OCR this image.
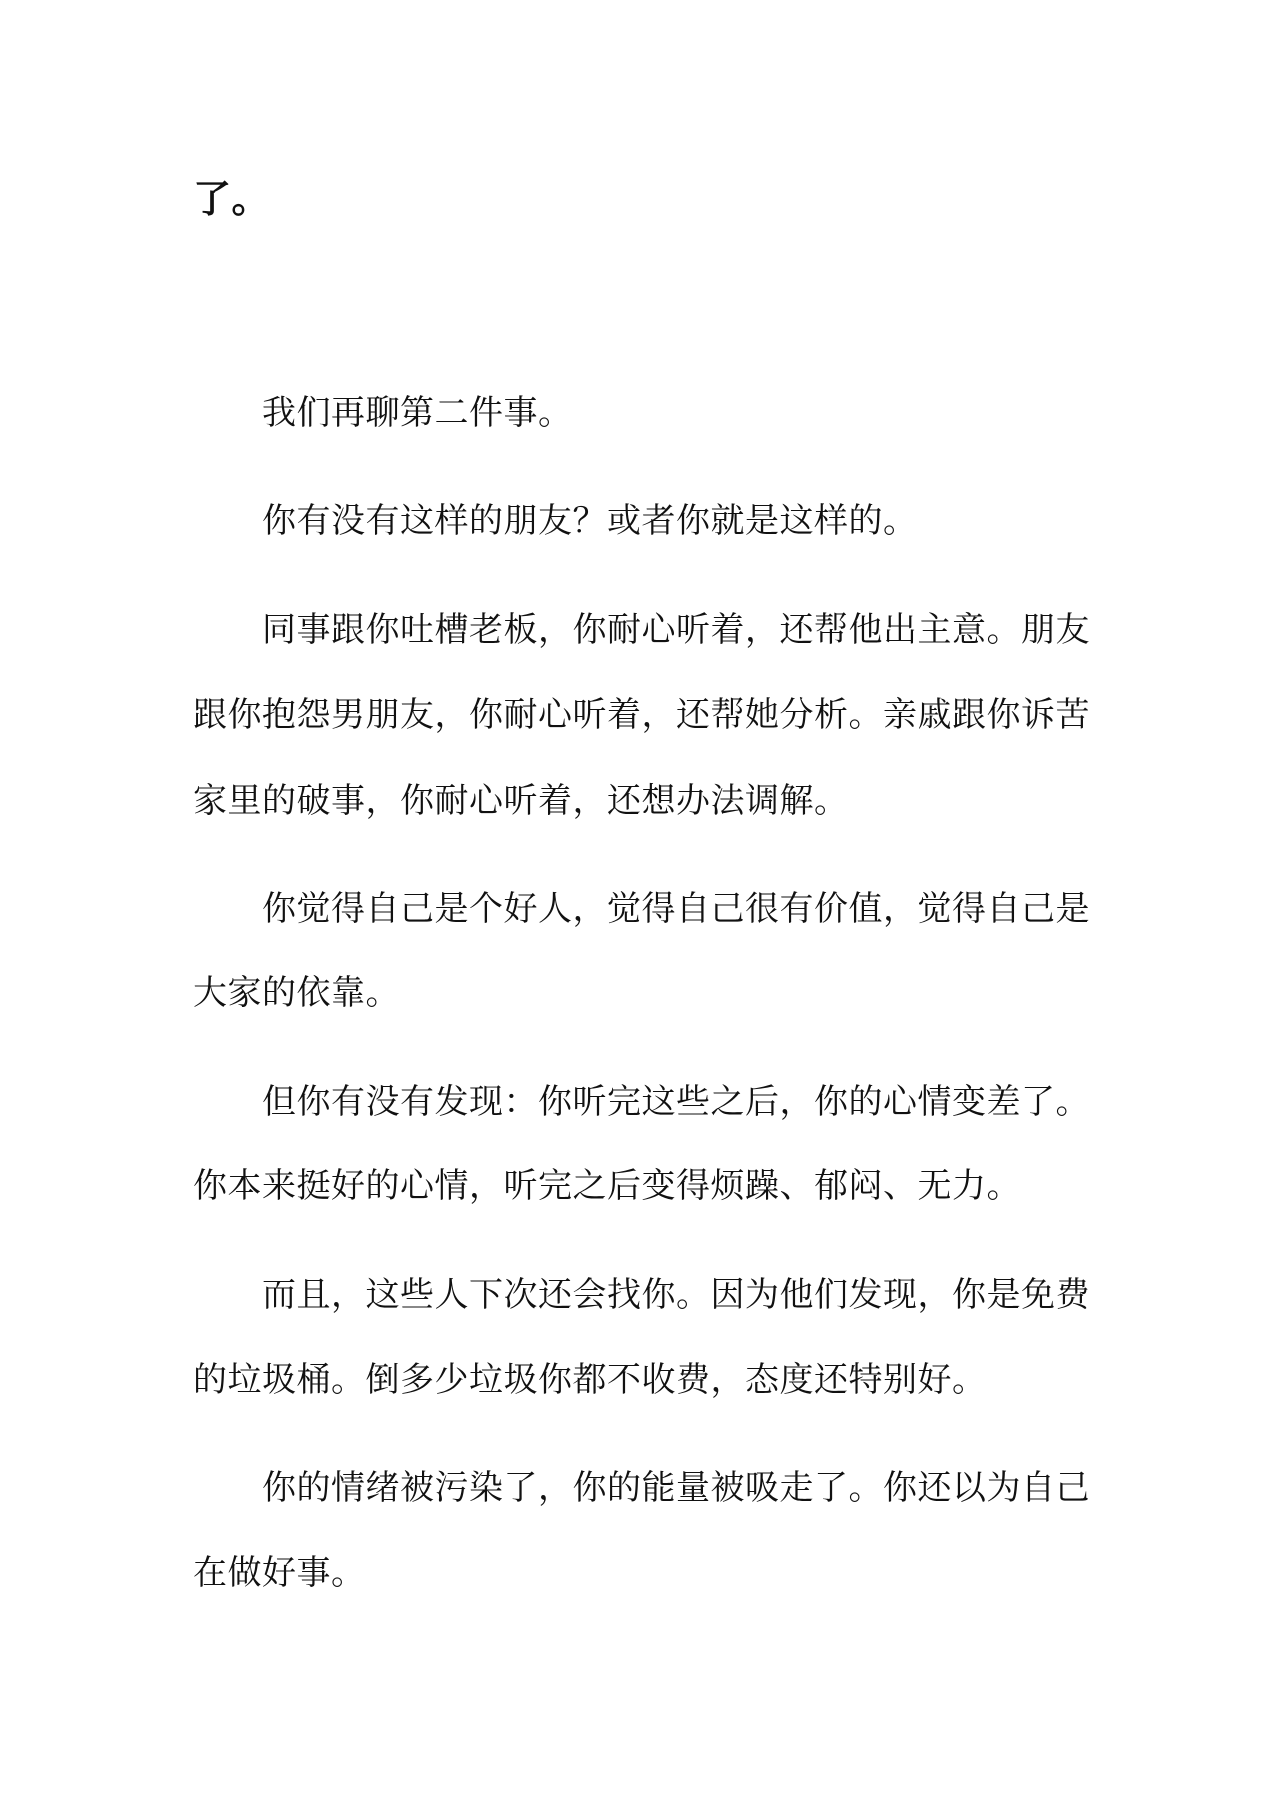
了。
我们再聊第二件事。
你有没有这样的朋友？或者你就是这样的。
同事跟你吐槽老板，你耐心听着，还帮他出主意。朋友
跟你抱怨男朋友，你耐心听着，还帮她分析。亲戚跟你诉苦
家里的破事，你耐心听着，还想办法调解。
你觉得自己是个好人，觉得自己很有价值，觉得自己是
大家的依靠。
但你有没有发现：你听完这些之后，你的心情变差了。
你本来挺好的心情，听完之后变得烦躁、郁闷、无力。
而且，这些人下次还会找你。因为他们发现，你是免费
的垃圾桶。倒多少垃圾你都不收费，态度还特别好。
你的情绪被污染了，你的能量被吸走了。你还以为自己
在做好事。
